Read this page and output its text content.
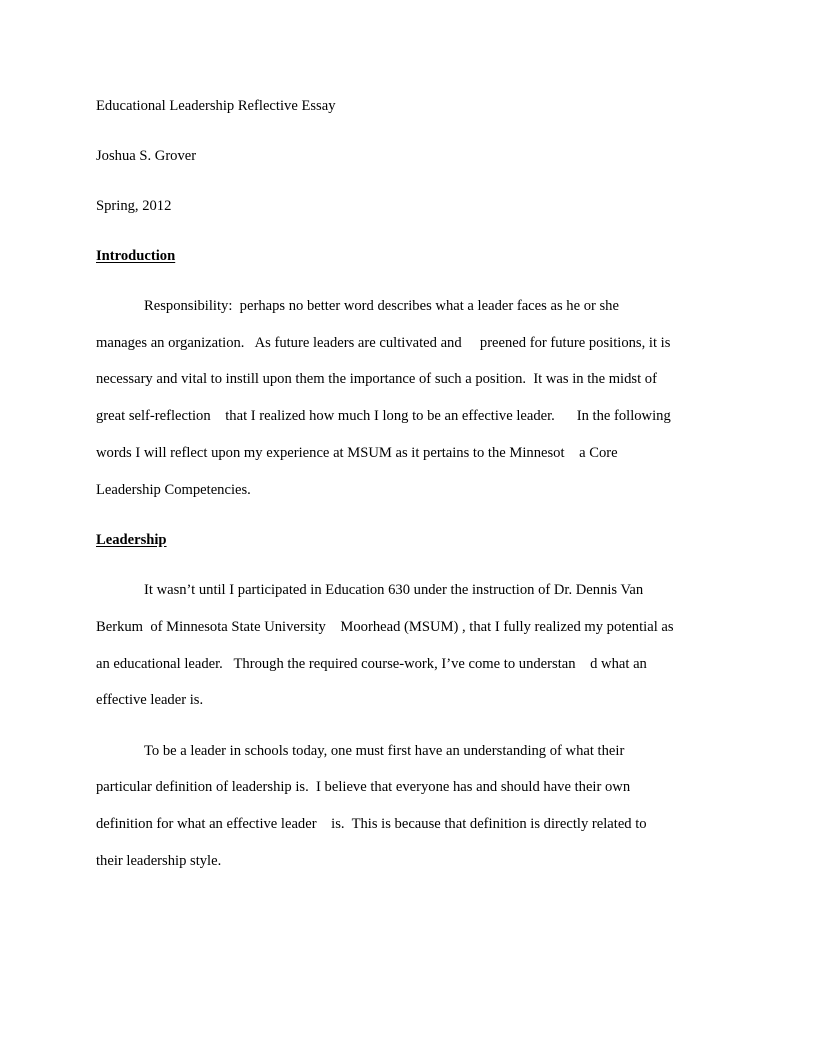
Educational Leadership Reflective Essay
Joshua S. Grover
Spring, 2012
Introduction
Responsibility:  perhaps no better word describes what a leader faces as he or she
manages an organization.   As future leaders are cultivated and     preened for future positions, it is
necessary and vital to instill upon them the importance of such a position.  It was in the midst of
great self-reflection    that I realized how much I long to be an effective leader.      In the following
words I will reflect upon my experience at MSUM as it pertains to the Minnesot    a Core
Leadership Competencies.
Leadership
It wasn’t until I participated in Education 630 under the instruction of Dr. Dennis Van
Berkum  of Minnesota State University    Moorhead (MSUM) , that I fully realized my potential as
an educational leader.   Through the required course-work, I’ve come to understan    d what an
effective leader is.
To be a leader in schools today, one must first have an understanding of what their
particular definition of leadership is.  I believe that everyone has and should have their own
definition for what an effective leader    is.  This is because that definition is directly related to
their leadership style.
